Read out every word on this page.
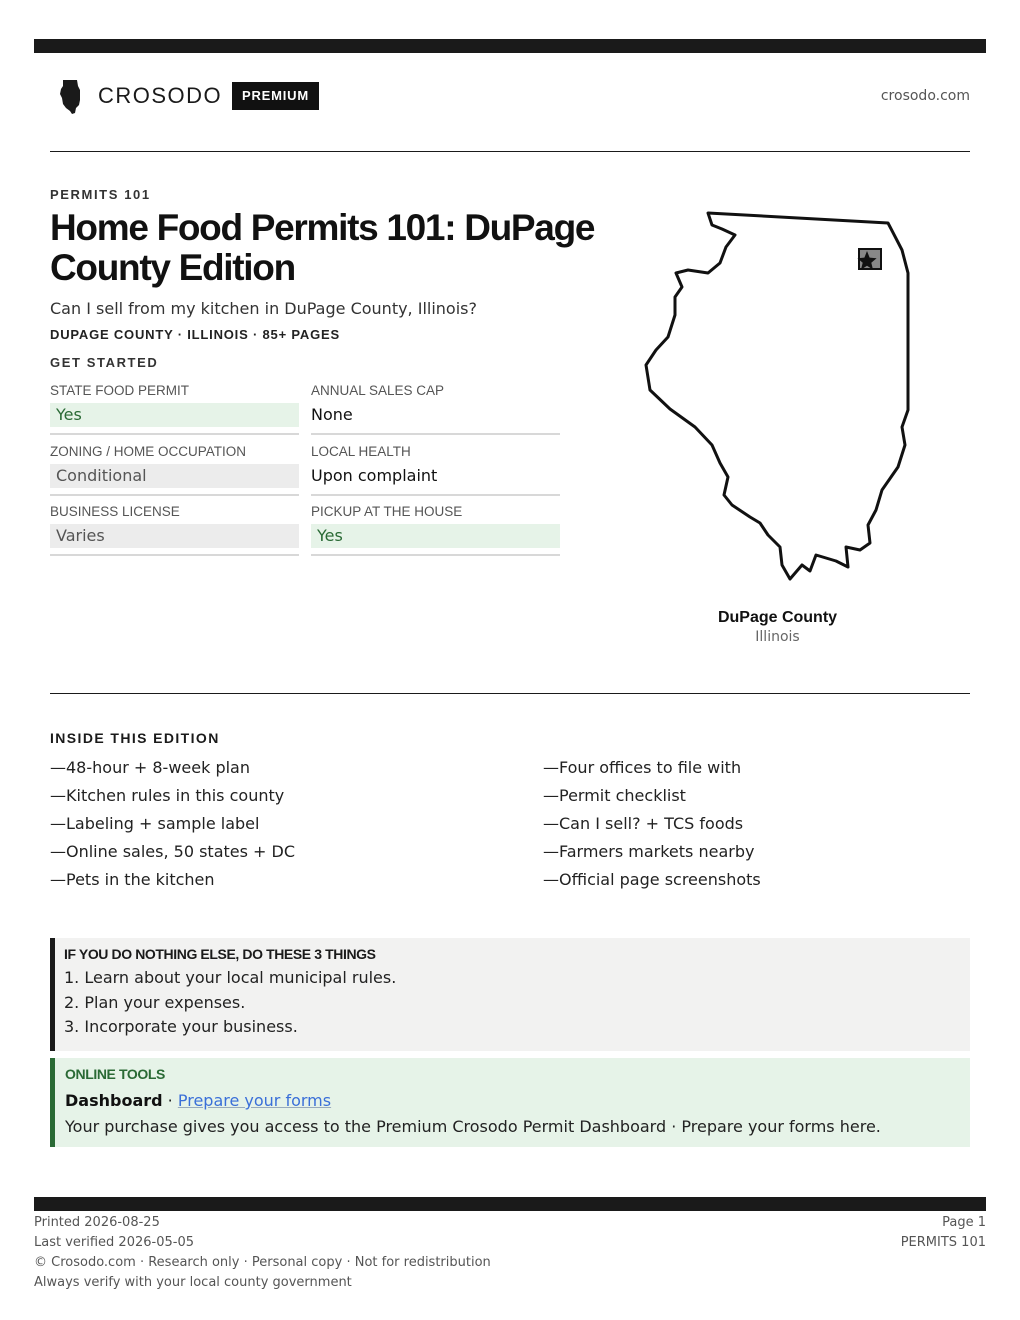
CROSODO	PREMIUM	crosodo.com
PERMITS 101
Home Food Permits 101: DuPage County Edition
Can I sell from my kitchen in DuPage County, Illinois?
DUPAGE COUNTY · ILLINOIS · 85+ PAGES
GET STARTED
STATE FOOD PERMIT
Yes
ANNUAL SALES CAP
None
ZONING / HOME OCCUPATION
Conditional
LOCAL HEALTH
Upon complaint
BUSINESS LICENSE
Varies
PICKUP AT THE HOUSE
Yes
DuPage County
Illinois
INSIDE THIS EDITION
—48-hour + 8-week plan
—Kitchen rules in this county
—Labeling + sample label
—Online sales, 50 states + DC
—Pets in the kitchen
—Four offices to file with
—Permit checklist
—Can I sell? + TCS foods
—Farmers markets nearby
—Official page screenshots
IF YOU DO NOTHING ELSE, DO THESE 3 THINGS
1. Learn about your local municipal rules.
2. Plan your expenses.
3. Incorporate your business.
ONLINE TOOLS
Dashboard · Prepare your forms
Your purchase gives you access to the Premium Crosodo Permit Dashboard · Prepare your forms here.
Printed 2026-08-25
Last verified 2026-05-05
© Crosodo.com · Research only · Personal copy · Not for redistribution
Always verify with your local county government
Page 1
PERMITS 101
